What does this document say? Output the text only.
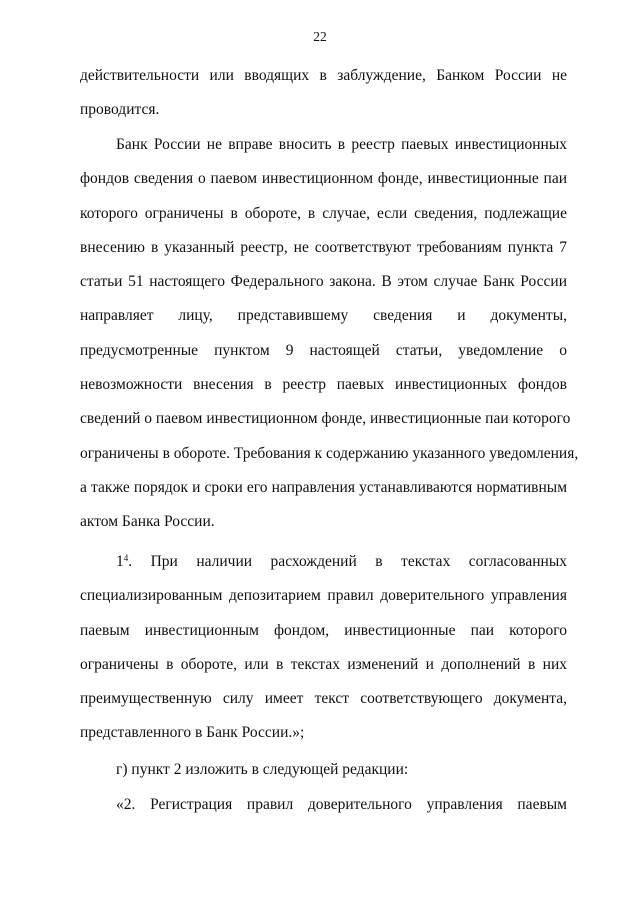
22
действительности или вводящих в заблуждение, Банком России не
проводится.
Банк России не вправе вносить в реестр паевых инвестиционных
фондов сведения о паевом инвестиционном фонде, инвестиционные паи
которого ограничены в обороте, в случае, если сведения, подлежащие
внесению в указанный реестр, не соответствуют требованиям пункта 7
статьи 51 настоящего Федерального закона. В этом случае Банк России
направляет лицу, представившему сведения и документы,
предусмотренные пунктом 9 настоящей статьи, уведомление о
невозможности внесения в реестр паевых инвестиционных фондов
сведений о паевом инвестиционном фонде, инвестиционные паи которого
ограничены в обороте. Требования к содержанию указанного уведомления,
а также порядок и сроки его направления устанавливаются нормативным
актом Банка России.
$1^4$. При наличии расхождений в текстах согласованных
специализированным депозитарием правил доверительного управления
паевым инвестиционным фондом, инвестиционные паи которого
ограничены в обороте, или в текстах изменений и дополнений в них
преимущественную силу имеет текст соответствующего документа,
представленного в Банк России.»;
г) пункт 2 изложить в следующей редакции:
«2. Регистрация правил доверительного управления паевым
